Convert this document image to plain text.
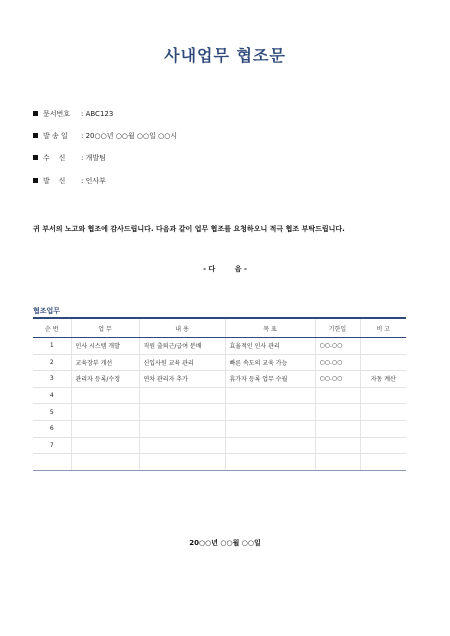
사내업무 협조문
문서번호 : ABC123
발 송 일 : 20○○년 ○○월 ○○일 ○○시
수    신 : 개발팀
발    신 : 인사부
귀 부서의 노고와 협조에 감사드립니다. 다음과 같이 업무 협조를 요청하오니 적극 협조 부탁드립니다.
- 다        음 -
협조업무
순 번	업 무	내 용	목 표	기한일	비 고
1	인사 시스템 개발	직원 출퇴근/급여 분배	효율적인 인사 관리	○○.○○	
2	교육장부 개선	신입사원 교육 관리	빠른 속도의 교육 가능	○○.○○	
3	관리자 등록/수정	연차 관리자 추가	휴가자 등록 업무 수월	○○.○○	자동 계산
4					
5					
6					
7					

20○○년 ○○월 ○○일
